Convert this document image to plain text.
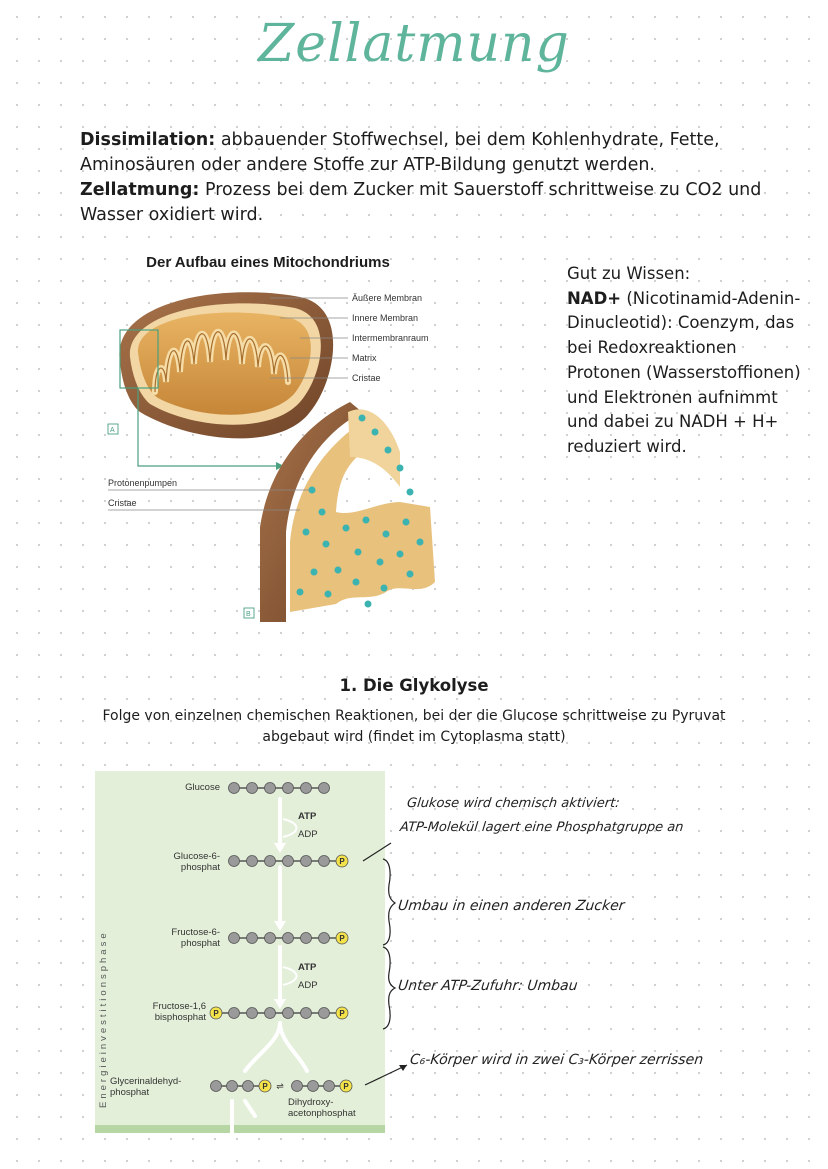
Zellatmung

Dissimilation: abbauender Stoffwechsel, bei dem Kohlenhydrate, Fette, Aminosäuren oder andere Stoffe zur ATP-Bildung genutzt werden.

Zellatmung: Prozess bei dem Zucker mit Sauerstoff schrittweise zu CO2 und Wasser oxidiert wird.

Der Aufbau eines Mitochondriums
Äußere Membran
Innere Membran
Intermembranraum
Matrix
Cristae
A
Protonenpumpen
Cristae
B

Gut zu Wissen:

NAD+ (Nicotinamid-Adenin-Dinucleotid): Coenzym, das bei Redoxreaktionen Protonen (Wasserstoffionen) und Elektronen aufnimmt und dabei zu NADH + H+ reduziert wird.

1. Die Glykolyse
Folge von einzelnen chemischen Reaktionen, bei der die Glucose schrittweise zu Pyruvat abgebaut wird (findet im Cytoplasma statt)
Energieinvestitionsphase
Glucose
Glucose-6-
phosphat
Fructose-6-
phosphat
Fructose-1,6
bisphosphat
Glycerinaldehyd-
phosphat
Dihydroxy-
acetonphosphat
ATP
ADP
ATP
ADP
P
P
P	P
P ⇌	P
Glukose wird chemisch aktiviert:
ATP-Molekül lagert eine Phosphatgruppe an
Umbau in einen anderen Zucker
Unter ATP-Zufuhr: Umbau
C₆-Körper wird in zwei C₃-Körper zerrissen
